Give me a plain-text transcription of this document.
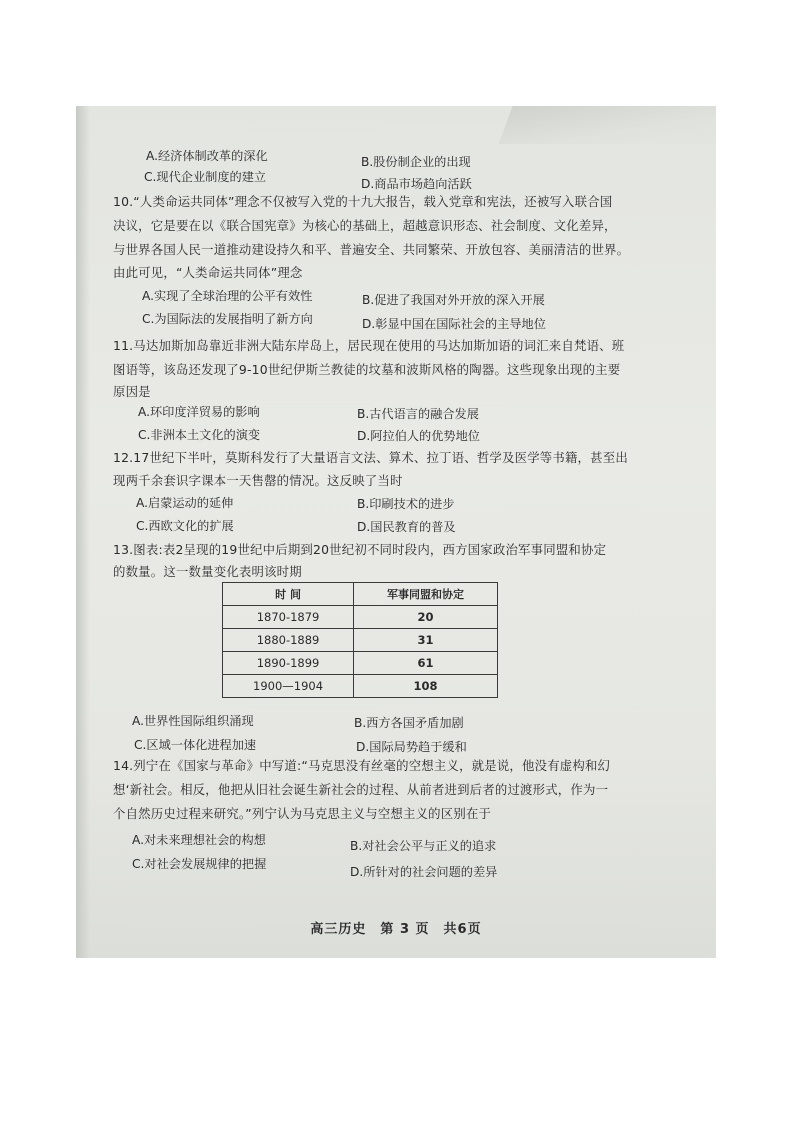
A.经济体制改革的深化	B.股份制企业的出现
C.现代企业制度的建立	D.商品市场趋向活跃
10.“人类命运共同体”理念不仅被写入党的十九大报告，载入党章和宪法，还被写入联合国
决议，它是要在以《联合国宪章》为核心的基础上，超越意识形态、社会制度、文化差异，
与世界各国人民一道推动建设持久和平、普遍安全、共同繁荣、开放包容、美丽清洁的世界。
由此可见，“人类命运共同体”理念
A.实现了全球治理的公平有效性	B.促进了我国对外开放的深入开展
C.为国际法的发展指明了新方向	D.彰显中国在国际社会的主导地位
11.马达加斯加岛靠近非洲大陆东岸岛上，居民现在使用的马达加斯加语的词汇来自梵语、班
图语等，该岛还发现了9-10世纪伊斯兰教徒的坟墓和波斯风格的陶器。这些现象出现的主要
原因是
A.环印度洋贸易的影响	B.古代语言的融合发展
C.非洲本土文化的演变	D.阿拉伯人的优势地位
12.17世纪下半叶，莫斯科发行了大量语言文法、算术、拉丁语、哲学及医学等书籍，甚至出
现两千余套识字课本一天售罄的情况。这反映了当时
A.启蒙运动的延伸	B.印刷技术的进步
C.西欧文化的扩展	D.国民教育的普及
13.图表:表2呈现的19世纪中后期到20世纪初不同时段内，西方国家政治军事同盟和协定
的数量。这一数量变化表明该时期
时 间	军事同盟和协定
1870-1879	20
1880-1889	31
1890-1899	61
1900—1904	108
A.世界性国际组织涌现	B.西方各国矛盾加剧
C.区域一体化进程加速	D.国际局势趋于缓和
14.列宁在《国家与革命》中写道:“马克思没有丝毫的空想主义，就是说，他没有虚构和幻
想‘新社会。相反，他把从旧社会诞生新社会的过程、从前者进到后者的过渡形式，作为一
个自然历史过程来研究。”列宁认为马克思主义与空想主义的区别在于
A.对未来理想社会的构想	B.对社会公平与正义的追求
C.对社会发展规律的把握
D.所针对的社会问题的差异
高三历史　第 3 页　共6页
